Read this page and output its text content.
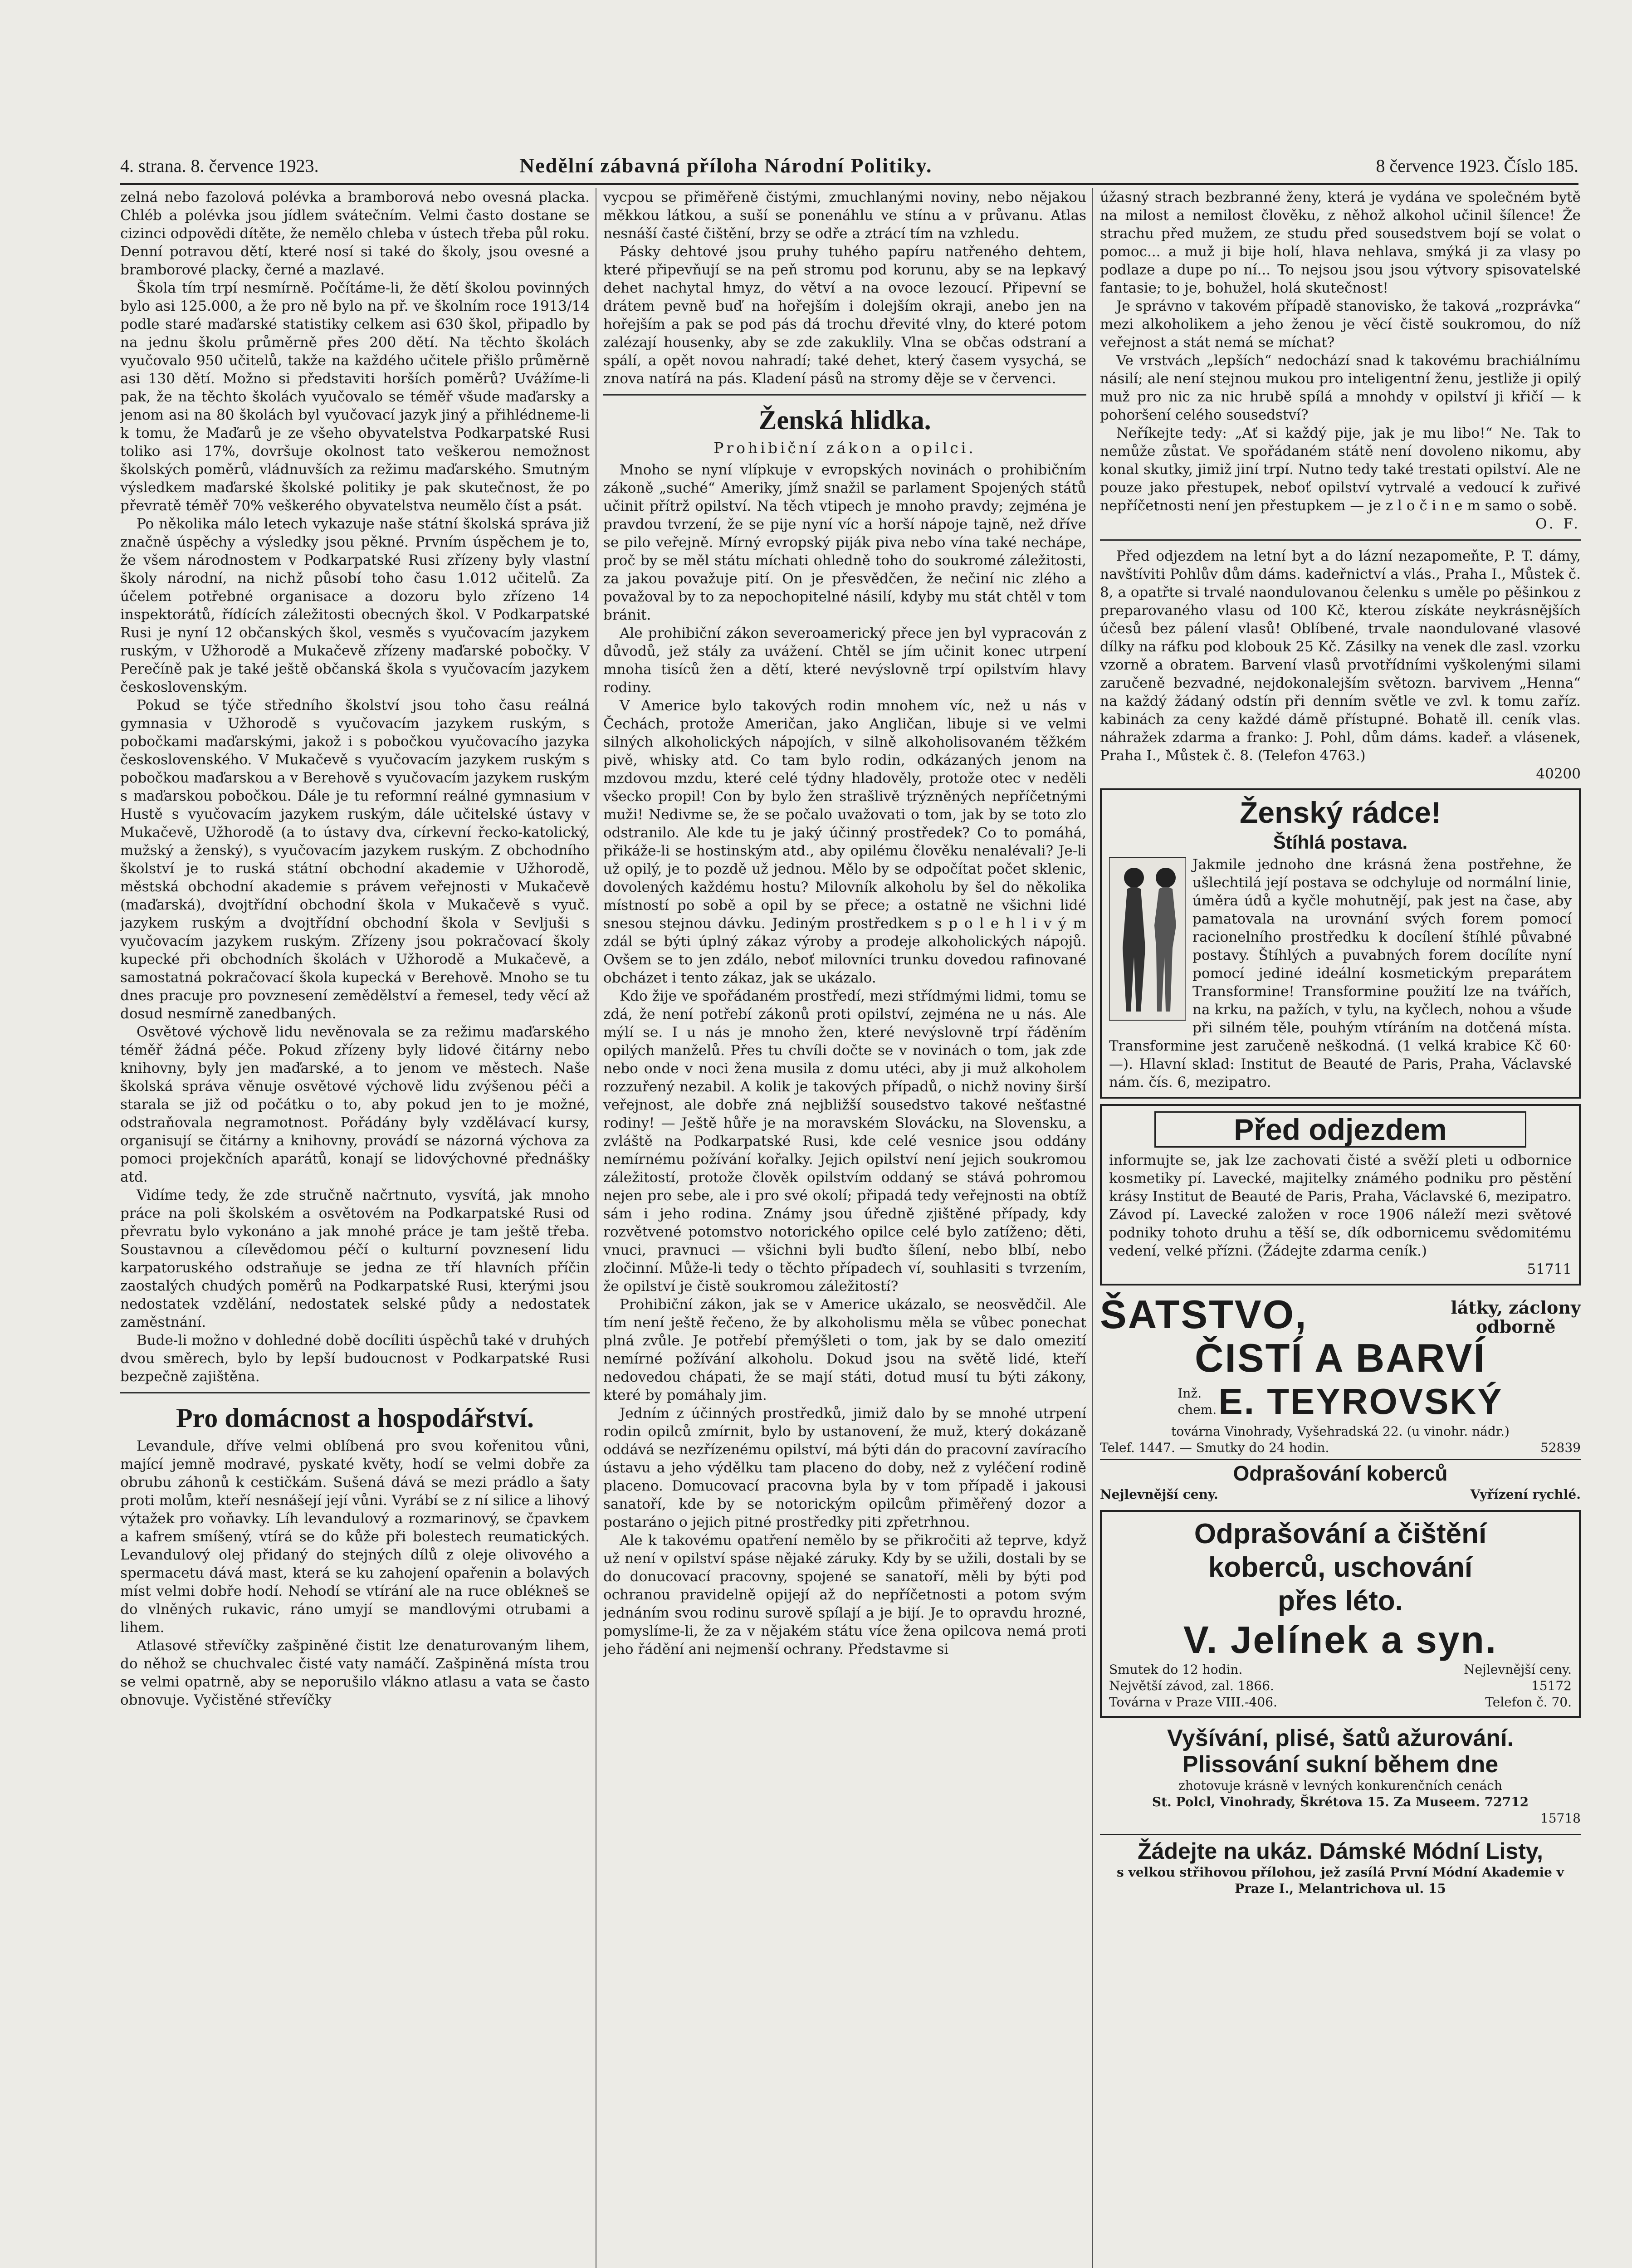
4. strana. 8. července 1923.	Nedělní zábavná příloha Národní Politiky.	8 července 1923. Číslo 185.

zelná nebo fazolová polévka a bramborová nebo ovesná placka. Chléb a polévka jsou jídlem svátečním. Velmi často dostane se cizinci odpovědi dítěte, že nemělo chleba v ústech třeba půl roku. Denní potravou dětí, které nosí si také do školy, jsou ovesné a bramborové placky, černé a mazlavé.

Škola tím trpí nesmírně. Počítáme-li, že dětí školou povinných bylo asi 125.000, a že pro ně bylo na př. ve školním roce 1913/14 podle staré maďarské statistiky celkem asi 630 škol, připadlo by na jednu školu průměrně přes 200 dětí. Na těchto školách vyučovalo 950 učitelů, takže na každého učitele přišlo průměrně asi 130 dětí. Možno si představiti horších poměrů? Uvážíme-li pak, že na těchto školách vyučovalo se téměř všude maďarsky a jenom asi na 80 školách byl vyučovací jazyk jiný a přihlédneme-li k tomu, že Maďarů je ze všeho obyvatelstva Podkarpatské Rusi toliko asi 17%, dovršuje okolnost tato veškerou nemožnost školských poměrů, vládnuvších za režimu maďarského. Smutným výsledkem maďarské školské politiky je pak skutečnost, že po převratě téměř 70% veškerého obyvatelstva neumělo číst a psát.

Po několika málo letech vykazuje naše státní školská správa již značně úspěchy a výsledky jsou pěkné. Prvním úspěchem je to, že všem národnostem v Podkarpatské Rusi zřízeny byly vlastní školy národní, na nichž působí toho času 1.012 učitelů. Za účelem potřebné organisace a dozoru bylo zřízeno 14 inspektorátů, řídících záležitosti obecných škol. V Podkarpatské Rusi je nyní 12 občanských škol, vesměs s vyučovacím jazykem ruským, v Užhorodě a Mukačevě zřízeny maďarské pobočky. V Perečíně pak je také ještě občanská škola s vyučovacím jazykem československým.

Pokud se týče středního školství jsou toho času reálná gymnasia v Užhorodě s vyučovacím jazykem ruským, s pobočkami maďarskými, jakož i s pobočkou vyučovacího jazyka československého. V Mukačevě s vyučovacím jazykem ruským s pobočkou maďarskou a v Berehově s vyučovacím jazykem ruským s maďarskou pobočkou. Dále je tu reformní reálné gymnasium v Hustě s vyučovacím jazykem ruským, dále učitelské ústavy v Mukačevě, Užhorodě (a to ústavy dva, církevní řecko-katolický, mužský a ženský), s vyučovacím jazykem ruským. Z obchodního školství je to ruská státní obchodní akademie v Užhorodě, městská obchodní akademie s právem veřejnosti v Mukačevě (maďarská), dvojtřídní obchodní škola v Mukačevě s vyuč. jazykem ruským a dvojtřídní obchodní škola v Sevljuši s vyučovacím jazykem ruským. Zřízeny jsou pokračovací školy kupecké při obchodních školách v Užhorodě a Mukačevě, a samostatná pokračovací škola kupecká v Berehově. Mnoho se tu dnes pracuje pro povznesení zemědělství a řemesel, tedy věcí až dosud nesmírně zanedbaných.

Osvětové výchově lidu nevěnovala se za režimu maďarského téměř žádná péče. Pokud zřízeny byly lidové čitárny nebo knihovny, byly jen maďarské, a to jenom ve městech. Naše školská správa věnuje osvětové výchově lidu zvýšenou péči a starala se již od počátku o to, aby pokud jen to je možné, odstraňovala negramotnost. Pořádány byly vzdělávací kursy, organisují se čitárny a knihovny, provádí se názorná výchova za pomoci projekčních aparátů, konají se lidovýchovné přednášky atd.

Vidíme tedy, že zde stručně načrtnuto, vysvítá, jak mnoho práce na poli školském a osvětovém na Podkarpatské Rusi od převratu bylo vykonáno a jak mnohé práce je tam ještě třeba. Soustavnou a cílevědomou péčí o kulturní povznesení lidu karpatoruského odstraňuje se jedna ze tří hlavních příčin zaostalých chudých poměrů na Podkarpatské Rusi, kterými jsou nedostatek vzdělání, nedostatek selské půdy a nedostatek zaměstnání.

Bude-li možno v dohledné době docíliti úspěchů také v druhých dvou směrech, bylo by lepší budoucnost v Podkarpatské Rusi bezpečně zajištěna.

Pro domácnost a hospodářství.

Levandule, dříve velmi oblíbená pro svou kořenitou vůni, mající jemně modravé, pyskaté květy, hodí se velmi dobře za obrubu záhonů k cestičkám. Sušená dává se mezi prádlo a šaty proti molům, kteří nesnášejí její vůni. Vyrábí se z ní silice a lihový výtažek pro voňavky. Líh levandulový a rozmarinový, se čpavkem a kafrem smíšený, vtírá se do kůže při bolestech reumatických. Levandulový olej přidaný do stejných dílů z oleje olivového a spermacetu dává mast, která se ku zahojení opařenin a bolavých míst velmi dobře hodí. Nehodí se vtírání ale na ruce oblékneš se do vlněných rukavic, ráno umyjí se mandlovými otrubami a lihem.

Atlasové střevíčky zašpiněné čistit lze denaturovaným lihem, do něhož se chuchvalec čisté vaty namáčí. Zašpiněná místa trou se velmi opatrně, aby se neporušilo vlákno atlasu a vata se často obnovuje. Vyčistěné střevíčky

vycpou se přiměřeně čistými, zmuchlanými noviny, nebo nějakou měkkou látkou, a suší se ponenáhlu ve stínu a v průvanu. Atlas nesnáší časté čištění, brzy se odře a ztrácí tím na vzhledu.

Pásky dehtové jsou pruhy tuhého papíru natřeného dehtem, které připevňují se na peň stromu pod korunu, aby se na lepkavý dehet nachytal hmyz, do větví a na ovoce lezoucí. Připevní se drátem pevně buď na hořejším i dolejším okraji, anebo jen na hořejším a pak se pod pás dá trochu dřevité vlny, do které potom zalézají housenky, aby se zde zakuklily. Vlna se občas odstraní a spálí, a opět novou nahradí; také dehet, který časem vysychá, se znova natírá na pás. Kladení pásů na stromy děje se v červenci.

Ženská hlidka.
Prohibiční zákon a opilci.

Mnoho se nyní vlípkuje v evropských novinách o prohibičním zákoně „suché“ Ameriky, jímž snažil se parlament Spojených států učinit přítrž opilství. Na těch vtipech je mnoho pravdy; zejména je pravdou tvrzení, že se pije nyní víc a horší nápoje tajně, než dříve se pilo veřejně. Mírný evropský piják piva nebo vína také nechápe, proč by se měl státu míchati ohledně toho do soukromé záležitosti, za jakou považuje pití. On je přesvědčen, že nečiní nic zlého a považoval by to za nepochopitelné násilí, kdyby mu stát chtěl v tom bránit.

Ale prohibiční zákon severoamerický přece jen byl vypracován z důvodů, jež stály za uvážení. Chtěl se jím učinit konec utrpení mnoha tisíců žen a dětí, které nevýslovně trpí opilstvím hlavy rodiny.

V Americe bylo takových rodin mnohem víc, než u nás v Čechách, protože Američan, jako Angličan, libuje si ve velmi silných alkoholických nápojích, v silně alkoholisovaném těžkém pivě, whisky atd. Co tam bylo rodin, odkázaných jenom na mzdovou mzdu, které celé týdny hladověly, protože otec v neděli všecko propil! Con by bylo žen strašlivě trýzněných nepříčetnými muži! Nedivme se, že se počalo uvažovati o tom, jak by se toto zlo odstranilo. Ale kde tu je jaký účinný prostředek? Co to pomáhá, přikáže-li se hostinským atd., aby opilému člověku nenalévali? Je-li už opilý, je to pozdě už jednou. Mělo by se odpočítat počet sklenic, dovolených každému hostu? Milovník alkoholu by šel do několika místností po sobě a opil by se přece; a ostatně ne všichni lidé snesou stejnou dávku. Jediným prostředkem s p o l e h l i v ý m zdál se býti úplný zákaz výroby a prodeje alkoholických nápojů. Ovšem se to jen zdálo, neboť milovníci trunku dovedou rafinované obcházet i tento zákaz, jak se ukázalo.

Kdo žije ve spořádaném prostředí, mezi střídmými lidmi, tomu se zdá, že není potřebí zákonů proti opilství, zejména ne u nás. Ale mýlí se. I u nás je mnoho žen, které nevýslovně trpí řáděním opilých manželů. Přes tu chvíli dočte se v novinách o tom, jak zde nebo onde v noci žena musila z domu utéci, aby ji muž alkoholem rozzuřený nezabil. A kolik je takových případů, o nichž noviny širší veřejnost, ale dobře zná nejbližší sousedstvo takové nešťastné rodiny! — Ještě hůře je na moravském Slovácku, na Slovensku, a zvláště na Podkarpatské Rusi, kde celé vesnice jsou oddány nemírnému požívání kořalky. Jejich opilství není jejich soukromou záležitostí, protože člověk opilstvím oddaný se stává pohromou nejen pro sebe, ale i pro své okolí; připadá tedy veřejnosti na obtíž sám i jeho rodina. Známy jsou úředně zjištěné případy, kdy rozvětvené potomstvo notorického opilce celé bylo zatíženo; děti, vnuci, pravnuci — všichni byli buďto šílení, nebo blbí, nebo zločinní. Může-li tedy o těchto případech ví, souhlasiti s tvrzením, že opilství je čistě soukromou záležitostí?

Prohibiční zákon, jak se v Americe ukázalo, se neosvědčil. Ale tím není ještě řečeno, že by alkoholismu měla se vůbec ponechat plná zvůle. Je potřebí přemýšleti o tom, jak by se dalo omezití nemírné požívání alkoholu. Dokud jsou na světě lidé, kteří nedovedou chápati, že se mají státi, dotud musí tu býti zákony, které by pomáhaly jim.

Jedním z účinných prostředků, jimiž dalo by se mnohé utrpení rodin opilců zmírnit, bylo by ustanovení, že muž, který dokázaně oddává se nezřízenému opilství, má býti dán do pracovní zavíracího ústavu a jeho výdělku tam placeno do doby, než z vyléčení rodině placeno. Domucovací pracovna byla by v tom případě i jakousi sanatoří, kde by se notorickým opilcům přiměřený dozor a postaráno o jejich pitné prostředky piti zpřetrhnou.

Ale k takovému opatření nemělo by se přikročiti až teprve, když už není v opilství spáse nějaké záruky. Kdy by se užili, dostali by se do donucovací pracovny, spojené se sanatoří, měli by býti pod ochranou pravidelně opijejí až do nepříčetnosti a potom svým jednáním svou rodinu surově spílají a je bijí. Je to opravdu hrozné, pomyslíme-li, že za v nějakém státu více žena opilcova nemá proti jeho řádění ani nejmenší ochrany. Představme si

úžasný strach bezbranné ženy, která je vydána ve společném bytě na milost a nemilost člověku, z něhož alkohol učinil šílence! Že strachu před mužem, ze studu před sousedstvem bojí se volat o pomoc... a muž ji bije holí, hlava nehlava, smýká ji za vlasy po podlaze a dupe po ní... To nejsou jsou jsou výtvory spisovatelské fantasie; to je, bohužel, holá skutečnost!

Je správno v takovém případě stanovisko, že taková „rozprávka“ mezi alkoholikem a jeho ženou je věcí čistě soukromou, do níž veřejnost a stát nemá se míchat?

Ve vrstvách „lepších“ nedochází snad k takovému brachiálnímu násilí; ale není stejnou mukou pro inteligentní ženu, jestliže ji opilý muž pro nic za nic hrubě spílá a mnohdy v opilství ji křičí — k pohoršení celého sousedství?

Neříkejte tedy: „Ať si každý pije, jak je mu libo!“ Ne. Tak to nemůže zůstat. Ve spořádaném státě není dovoleno nikomu, aby konal skutky, jimiž jiní trpí. Nutno tedy také trestati opilství. Ale ne pouze jako přestupek, neboť opilství vytrvalé a vedoucí k zuřivé nepříčetnosti není jen přestupkem — je z l o č i n e m samo o sobě.

O. F.

Před odjezdem na letní byt a do lázní nezapomeňte, P. T. dámy, navštíviti Pohlův dům dáms. kadeřnictví a vlás., Praha I., Můstek č. 8, a opatřte si trvalé naondulovanou čelenku s uměle po pěšinkou z preparovaného vlasu od 100 Kč, kterou získáte neykrásnějších účesů bez pálení vlasů! Oblíbené, trvale naondulované vlasové dílky na ráfku pod klobouk 25 Kč. Zásilky na venek dle zasl. vzorku vzorně a obratem. Barvení vlasů prvotřídními vyškolenými silami zaručeně bezvadné, nejdokonalejším světozn. barvivem „Henna“ na každý žádaný odstín při denním světle ve zvl. k tomu zaříz. kabinách za ceny každé dámě přístupné. Bohatě ill. ceník vlas. náhražek zdarma a franko: J. Pohl, dům dáms. kadeř. a vlásenek, Praha I., Můstek č. 8. (Telefon 4763.)

40200
Ženský rádce!
Štíhlá postava.
Jakmile jednoho dne krásná žena postřehne, že ušlechtilá její postava se odchyluje od normální linie, úměra údů a kyčle mohutnějí, pak jest na čase, aby pamatovala na urovnání svých forem pomocí racionelního prostředku k docílení štíhlé půvabné postavy. Štíhlých a puvabných forem docílíte nyní pomocí jediné ideální kosmetickým preparátem Transformine! Transformine použití lze na tvářích, na krku, na pažích, v tylu, na kyčlech, nohou a všude při silném těle, pouhým vtíráním na dotčená místa. Transformine jest zaručeně neškodná. (1 velká krabice Kč 60·—). Hlavní sklad: Institut de Beauté de Paris, Praha, Václavské nám. čís. 6, mezipatro.
Před odjezdem
informujte se, jak lze zachovati čisté a svěží pleti u odbornice kosmetiky pí. Lavecké, majitelky známého podniku pro pěstění krásy Institut de Beauté de Paris, Praha, Václavské 6, mezipatro. Závod pí. Lavecké založen v roce 1906 náleží mezi světové podniky tohoto druhu a těší se, dík odbornicemu svědomitému vedení, velké přízni. (Žádejte zdarma ceník.)
51711
ŠATSTVO,	látky, záclony
odborně
ČISTÍ A BARVÍ
Inž. chem. E. TEYROVSKÝ
továrna Vinohrady, Vyšehradská 22. (u vinohr. nádr.)
Telef. 1447. — Smutky do 24 hodin.	52839
Odprašování koberců
Nejlevnější ceny.	Vyřízení rychlé.
Odprašování a čištění
koberců, uschování
přes léto.
V. Jelínek a syn.
Smutek do 12 hodin.	Nejlevnější ceny.
Největší závod, zal. 1866.	15172
Továrna v Praze VIII.-406.	Telefon č. 70.
Vyšívání, plisé, šatů ažurování.
Plissování sukní během dne
zhotovuje krásně v levných konkurenčních cenách
St. Polcl, Vinohrady, Škrétova 15. Za Museem. 72712
15718
Žádejte na ukáz. Dámské Módní Listy,
s velkou střihovou přílohou, jež zasílá První Módní Akademie v Praze I., Melantrichova ul. 15
